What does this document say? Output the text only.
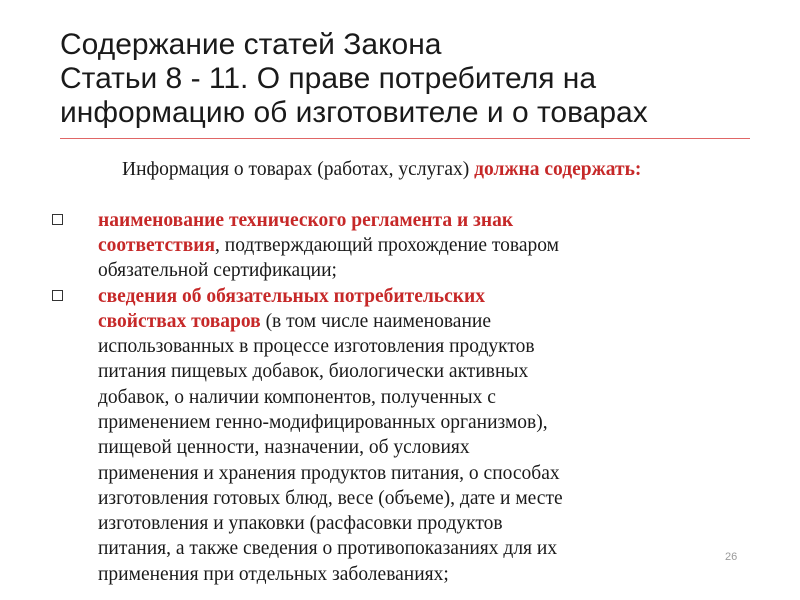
Содержание статей Закона
Статьи 8 - 11. О праве потребителя на
информацию об изготовителе и о товарах
Информация о товарах (работах, услугах) должна содержать:
наименование технического регламента и знак
соответствия, подтверждающий прохождение товаром
обязательной сертификации;
сведения об обязательных потребительских
свойствах товаров (в том числе наименование
использованных в процессе изготовления продуктов
питания пищевых добавок, биологически активных
добавок, о наличии компонентов, полученных с
применением генно-модифицированных организмов),
пищевой ценности, назначении, об условиях
применения и хранения продуктов питания, о способах
изготовления готовых блюд, весе (объеме), дате и месте
изготовления и упаковки (расфасовки продуктов
питания, а также сведения о противопоказаниях для их
применения при отдельных заболеваниях;
26
